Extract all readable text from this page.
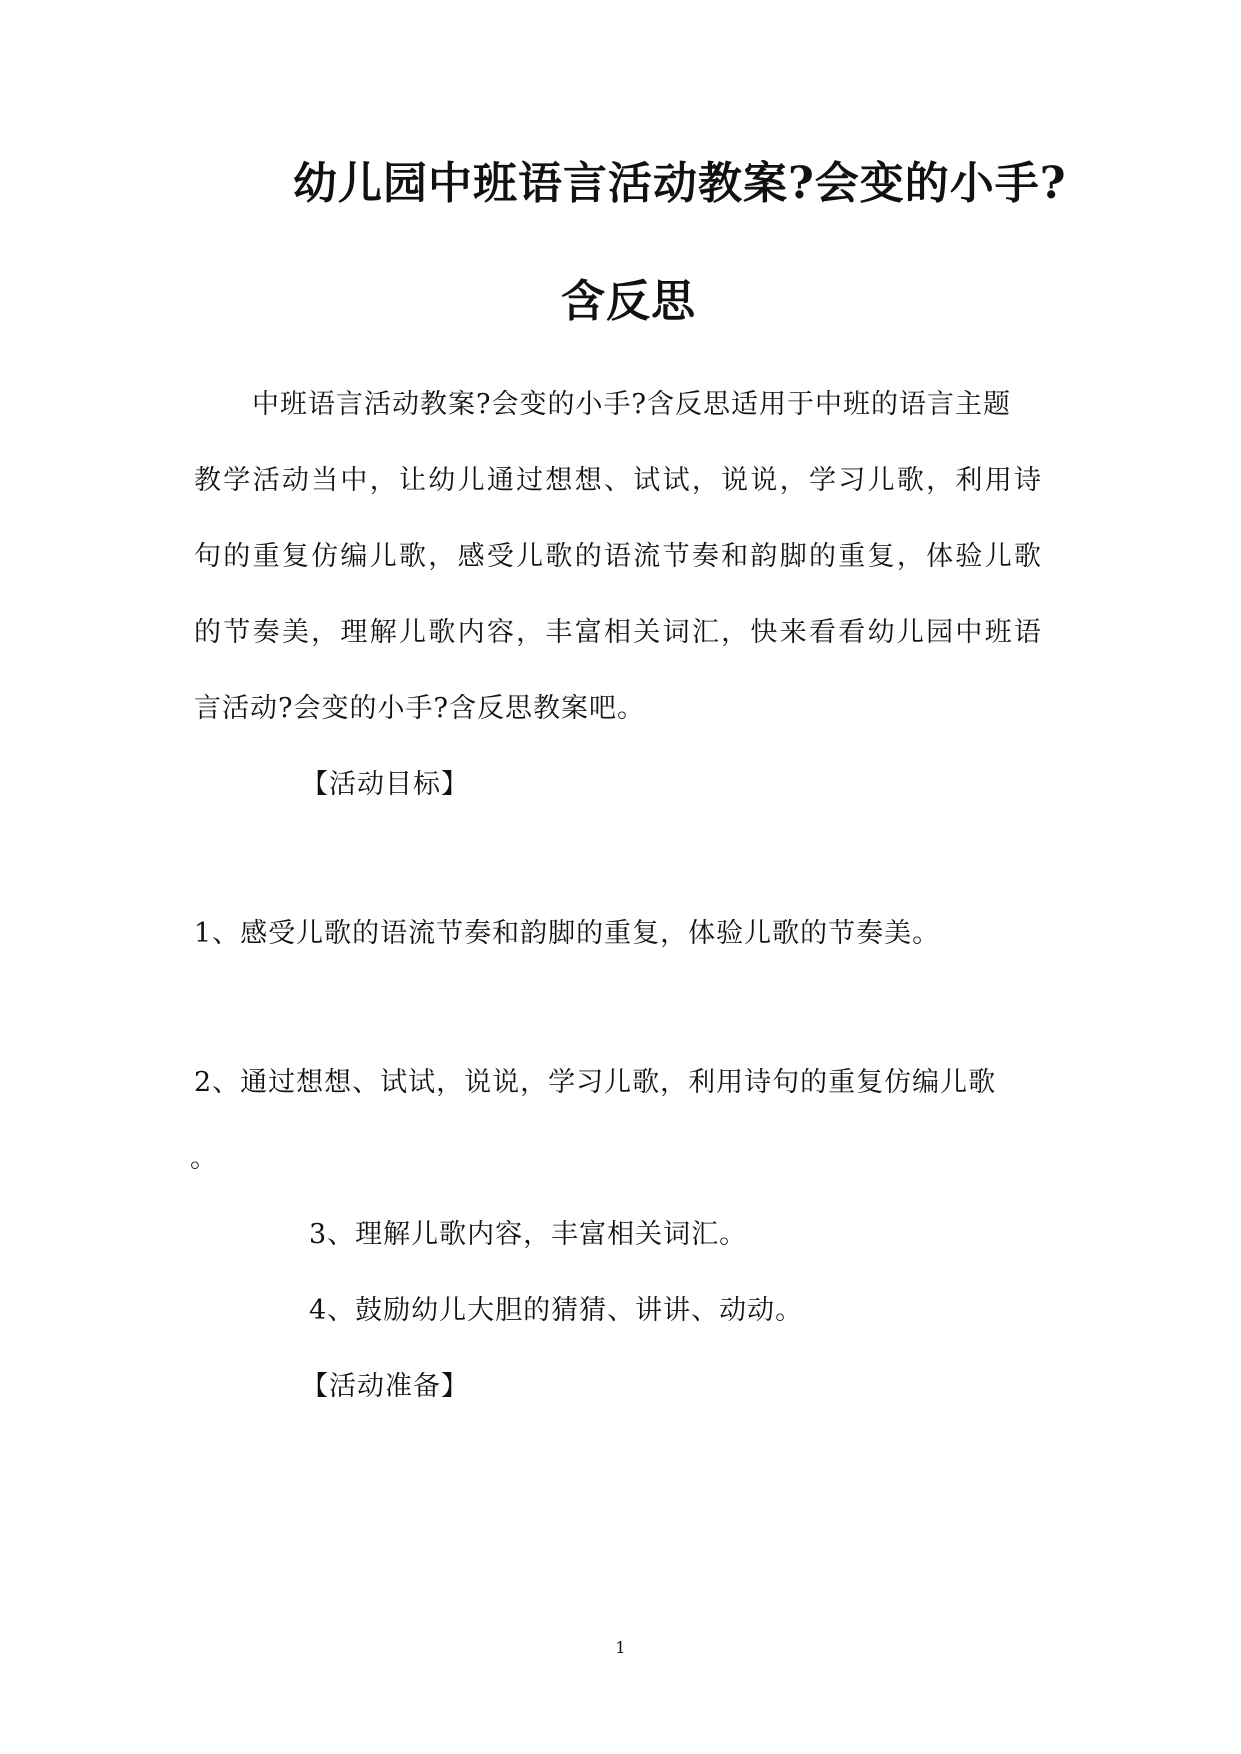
幼儿园中班语言活动教案?会变的小手?
含反思
中班语言活动教案?会变的小手?含反思适用于中班的语言主题
教学活动当中，让幼儿通过想想、试试，说说，学习儿歌，利用诗
句的重复仿编儿歌，感受儿歌的语流节奏和韵脚的重复，体验儿歌
的节奏美，理解儿歌内容，丰富相关词汇，快来看看幼儿园中班语
言活动?会变的小手?含反思教案吧。
【活动目标】
1、感受儿歌的语流节奏和韵脚的重复，体验儿歌的节奏美。
2、通过想想、试试，说说，学习儿歌，利用诗句的重复仿编儿歌
。
3、理解儿歌内容，丰富相关词汇。
4、鼓励幼儿大胆的猜猜、讲讲、动动。
【活动准备】
1
